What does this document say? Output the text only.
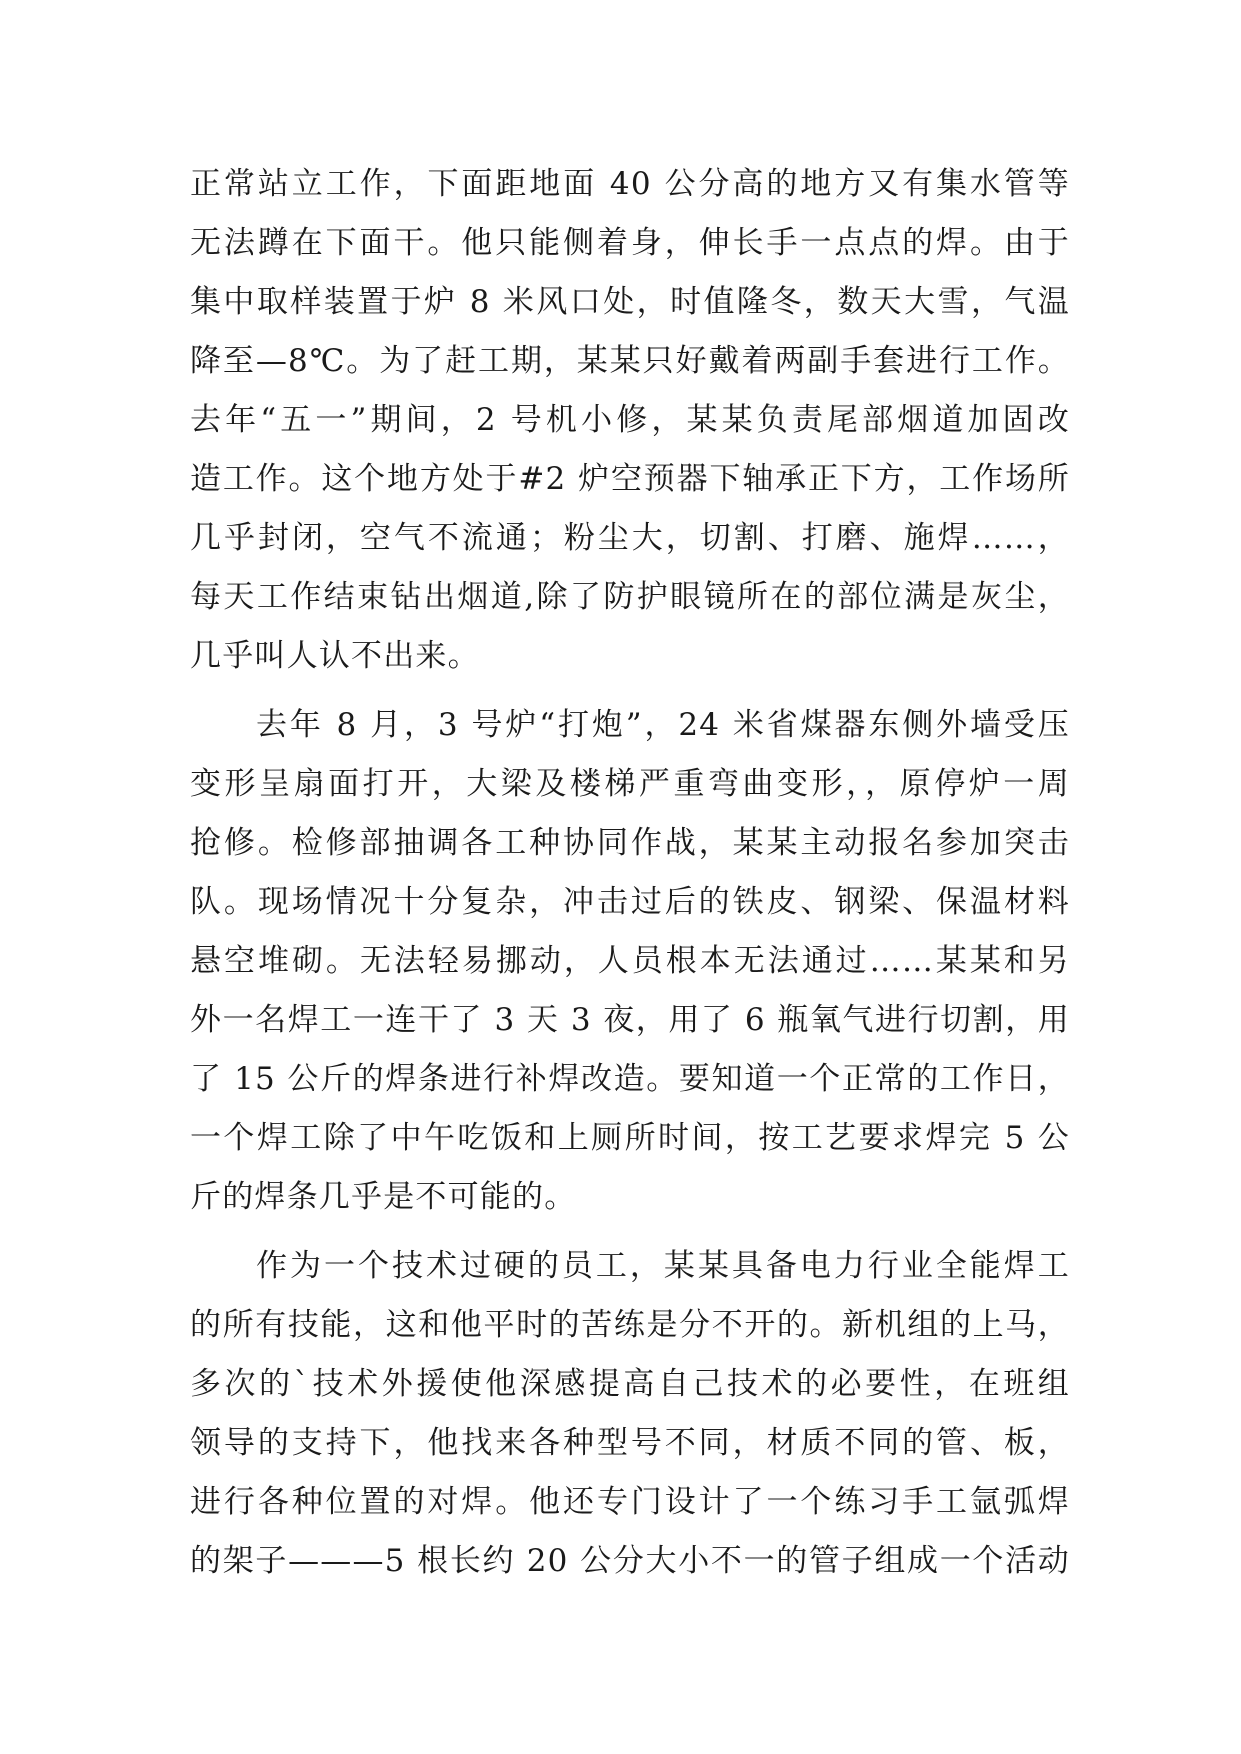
正常站立工作，下面距地面 40 公分高的地方又有集水管等
无法蹲在下面干。他只能侧着身，伸长手一点点的焊。由于
集中取样装置于炉 8 米风口处，时值隆冬，数天大雪，气温
降至—8℃。为了赶工期，某某只好戴着两副手套进行工作。
去年“五一”期间，2 号机小修，某某负责尾部烟道加固改
造工作。这个地方处于#2 炉空预器下轴承正下方，工作场所
几乎封闭，空气不流通；粉尘大，切割、打磨、施焊……，
每天工作结束钻出烟道,除了防护眼镜所在的部位满是灰尘，
几乎叫人认不出来。
去年 8 月，3 号炉“打炮”，24 米省煤器东侧外墙受压
变形呈扇面打开，大梁及楼梯严重弯曲变形，，原停炉一周
抢修。检修部抽调各工种协同作战，某某主动报名参加突击
队。现场情况十分复杂，冲击过后的铁皮、钢梁、保温材料
悬空堆砌。无法轻易挪动，人员根本无法通过……某某和另
外一名焊工一连干了 3 天 3 夜，用了 6 瓶氧气进行切割，用
了 15 公斤的焊条进行补焊改造。要知道一个正常的工作日，
一个焊工除了中午吃饭和上厕所时间，按工艺要求焊完 5 公
斤的焊条几乎是不可能的。
作为一个技术过硬的员工，某某具备电力行业全能焊工
的所有技能，这和他平时的苦练是分不开的。新机组的上马，
多次的`技术外援使他深感提高自己技术的必要性，在班组
领导的支持下，他找来各种型号不同，材质不同的管、板，
进行各种位置的对焊。他还专门设计了一个练习手工氩弧焊
的架子———5 根长约 20 公分大小不一的管子组成一个活动
